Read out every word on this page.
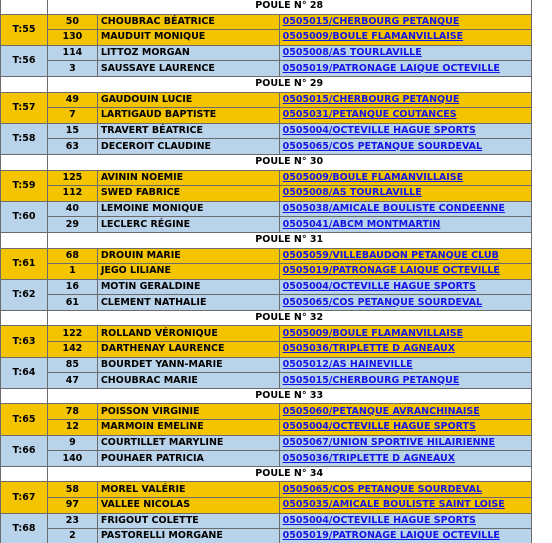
	POULE N° 28			
T:55	50	CHOUBRAC BÉATRICE	0505015/CHERBOURG PETANQUE	
	130	MAUDUIT MONIQUE	0505009/BOULE FLAMANVILLAISE	
T:56	114	LITTOZ MORGAN	0505008/AS TOURLAVILLE	
	3	SAUSSAYE LAURENCE	0505019/PATRONAGE LAIQUE OCTEVILLE	
	POULE N° 29			
T:57	49	GAUDOUIN LUCIE	0505015/CHERBOURG PETANQUE	
	7	LARTIGAUD BAPTISTE	0505031/PETANQUE COUTANCES	
T:58	15	TRAVERT BÉATRICE	0505004/OCTEVILLE HAGUE SPORTS	
	63	DECEROIT CLAUDINE	0505065/COS PETANQUE SOURDEVAL	
	POULE N° 30			
T:59	125	AVININ NOEMIE	0505009/BOULE FLAMANVILLAISE	
	112	SWED FABRICE	0505008/AS TOURLAVILLE	
T:60	40	LEMOINE MONIQUE	0505038/AMICALE BOULISTE CONDEENNE	
	29	LECLERC RÉGINE	0505041/ABCM MONTMARTIN	
	POULE N° 31			
T:61	68	DROUIN MARIE	0505059/VILLEBAUDON PETANQUE CLUB	
	1	JEGO LILIANE	0505019/PATRONAGE LAIQUE OCTEVILLE	
T:62	16	MOTIN GERALDINE	0505004/OCTEVILLE HAGUE SPORTS	
	61	CLEMENT NATHALIE	0505065/COS PETANQUE SOURDEVAL	
	POULE N° 32			
T:63	122	ROLLAND VÉRONIQUE	0505009/BOULE FLAMANVILLAISE	
	142	DARTHENAY LAURENCE	0505036/TRIPLETTE D AGNEAUX	
T:64	85	BOURDET YANN-MARIE	0505012/AS HAINEVILLE	
	47	CHOUBRAC MARIE	0505015/CHERBOURG PETANQUE	
	POULE N° 33			
T:65	78	POISSON VIRGINIE	0505060/PETANQUE AVRANCHINAISE	
	12	MARMOIN EMELINE	0505004/OCTEVILLE HAGUE SPORTS	
T:66	9	COURTILLET MARYLINE	0505067/UNION SPORTIVE HILAIRIENNE	
	140	POUHAER PATRICIA	0505036/TRIPLETTE D AGNEAUX	
	POULE N° 34			
T:67	58	MOREL VALÉRIE	0505065/COS PETANQUE SOURDEVAL	
	97	VALLEE NICOLAS	0505035/AMICALE BOULISTE SAINT LOISE	
T:68	23	FRIGOUT COLETTE	0505004/OCTEVILLE HAGUE SPORTS	
	2	PASTORELLI MORGANE	0505019/PATRONAGE LAIQUE OCTEVILLE	
